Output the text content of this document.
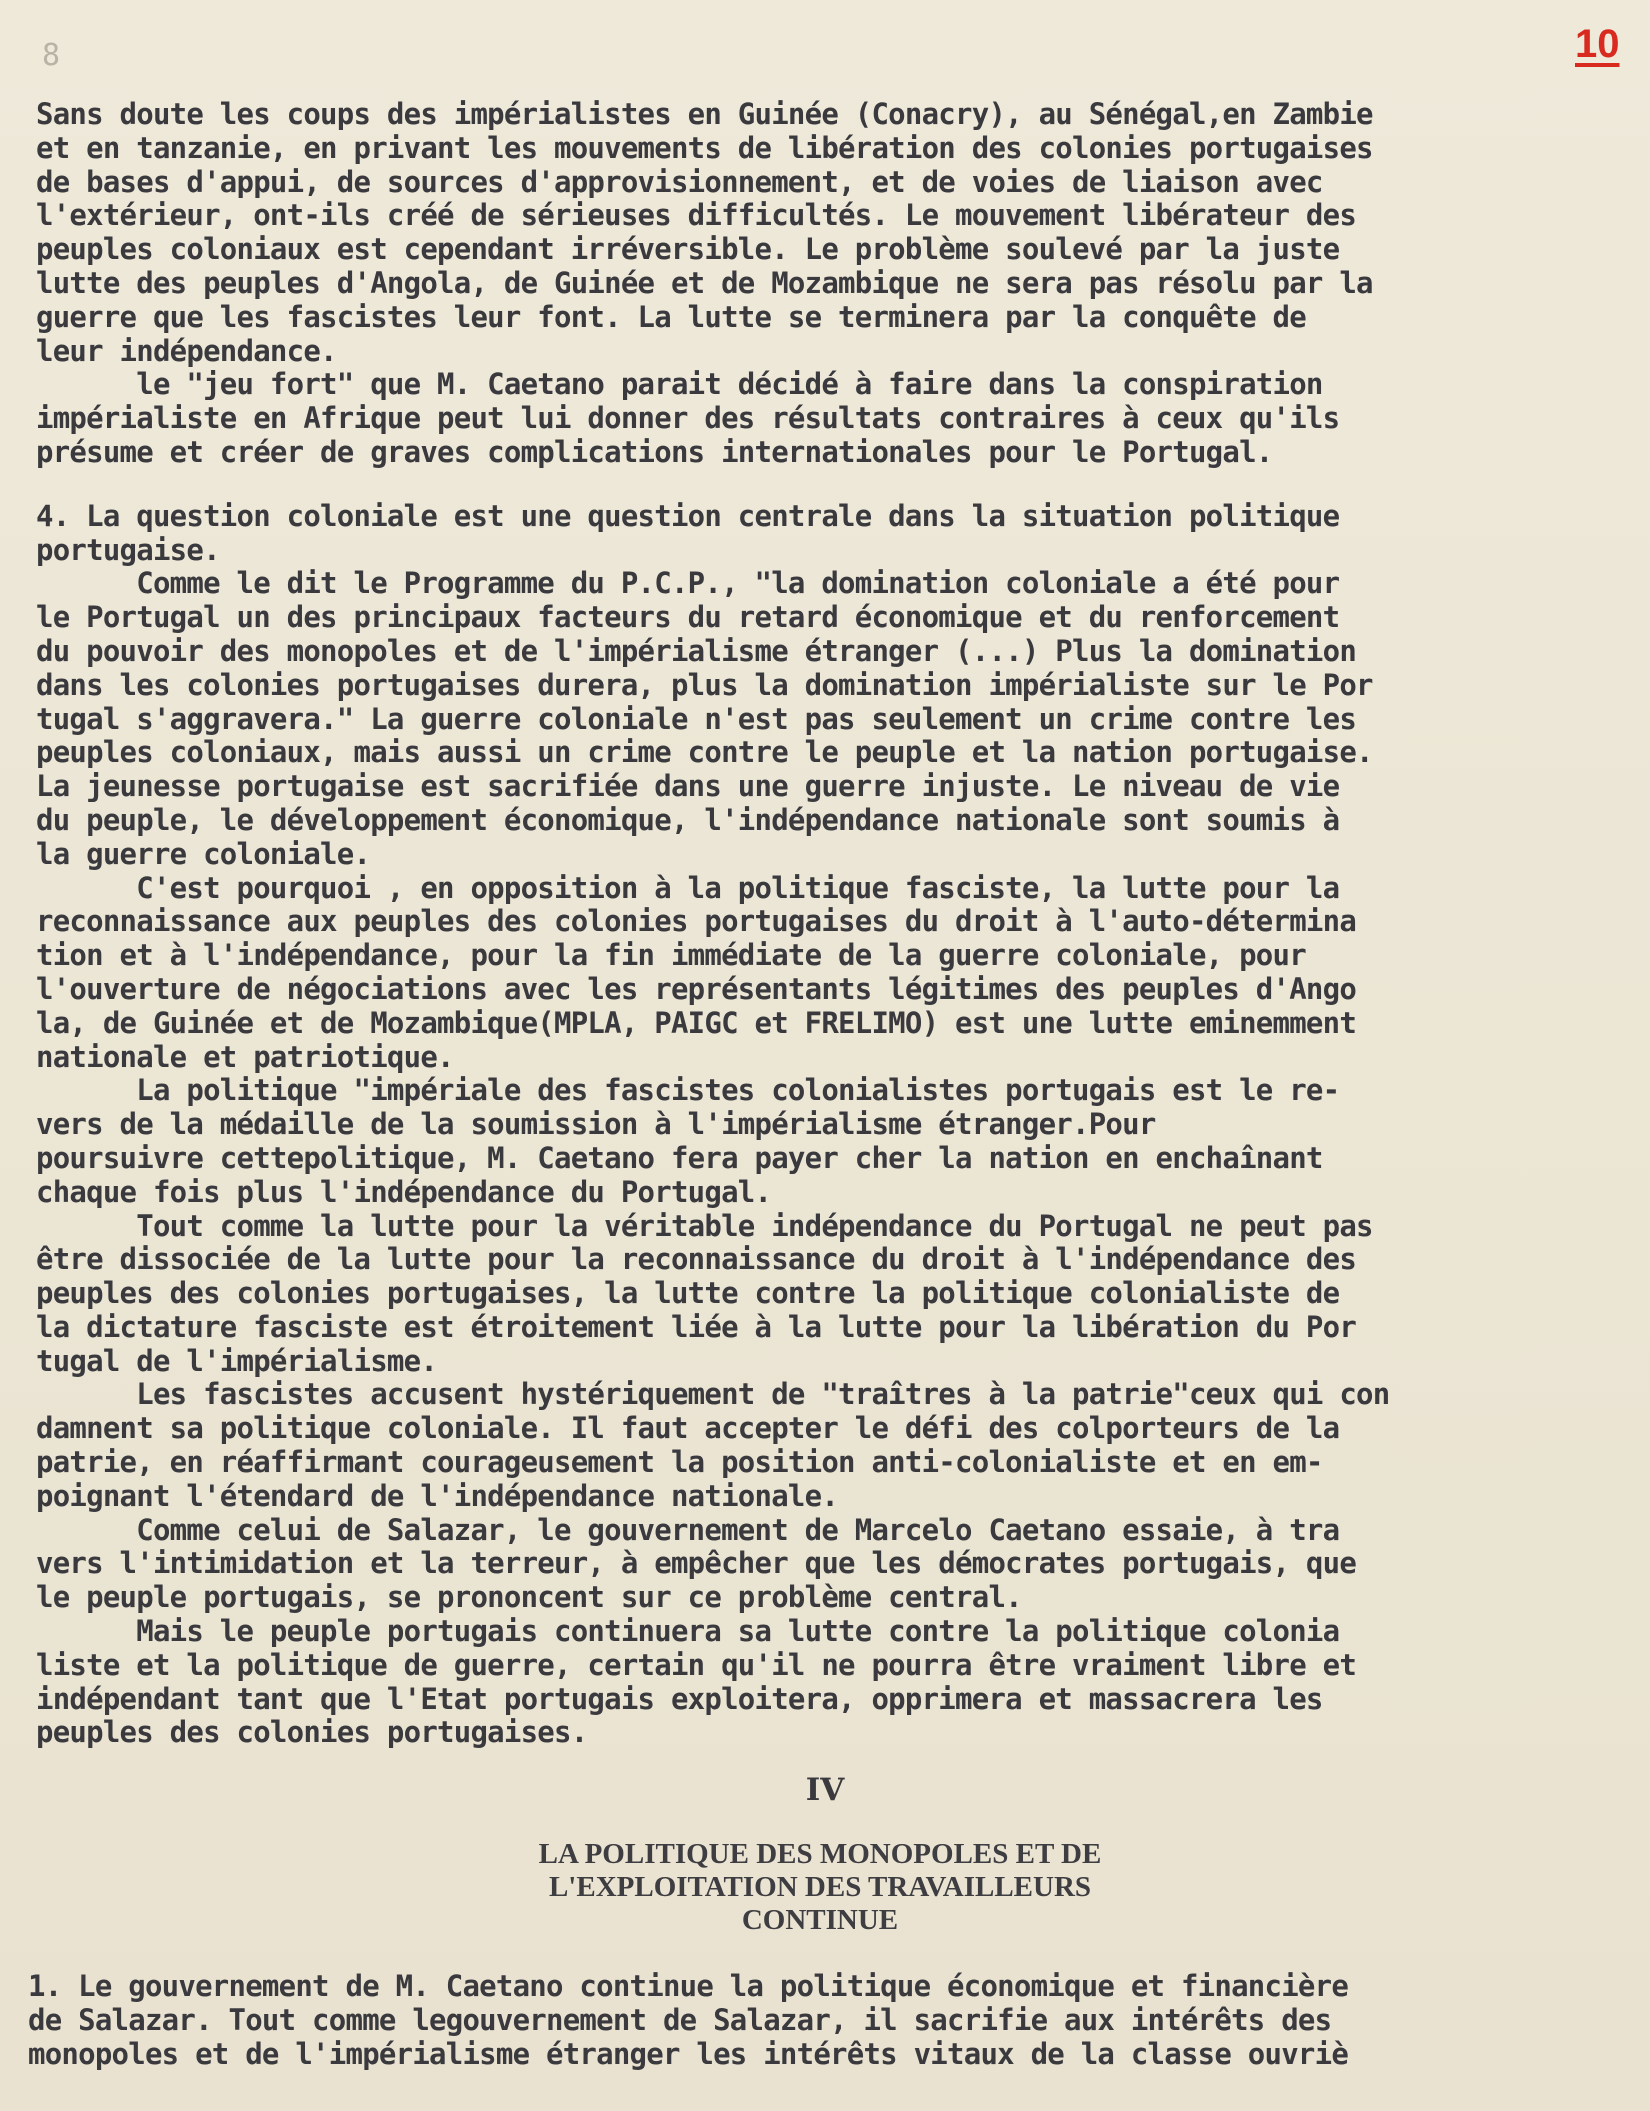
8	10
Sans doute les coups des impérialistes en Guinée (Conacry), au Sénégal,en Zambie
et en tanzanie, en privant les mouvements de libération des colonies portugaises
de bases d'appui, de sources d'approvisionnement, et de voies de liaison avec
l'extérieur, ont-ils créé de sérieuses difficultés. Le mouvement libérateur des
peuples coloniaux est cependant irréversible. Le problème soulevé par la juste
lutte des peuples d'Angola, de Guinée et de Mozambique ne sera pas résolu par la
guerre que les fascistes leur font. La lutte se terminera par la conquête de
leur indépendance.
le "jeu fort" que M. Caetano parait décidé à faire dans la conspiration
impérialiste en Afrique peut lui donner des résultats contraires à ceux qu'ils
présume et créer de graves complications internationales pour le Portugal.
4. La question coloniale est une question centrale dans la situation politique
portugaise.
Comme le dit le Programme du P.C.P., "la domination coloniale a été pour
le Portugal un des principaux facteurs du retard économique et du renforcement
du pouvoir des monopoles et de l'impérialisme étranger (...) Plus la domination
dans les colonies portugaises durera, plus la domination impérialiste sur le Por
tugal s'aggravera." La guerre coloniale n'est pas seulement un crime contre les
peuples coloniaux, mais aussi un crime contre le peuple et la nation portugaise.
La jeunesse portugaise est sacrifiée dans une guerre injuste. Le niveau de vie
du peuple, le développement économique, l'indépendance nationale sont soumis à
la guerre coloniale.
C'est pourquoi , en opposition à la politique fasciste, la lutte pour la
reconnaissance aux peuples des colonies portugaises du droit à l'auto-détermina
tion et à l'indépendance, pour la fin immédiate de la guerre coloniale, pour
l'ouverture de négociations avec les représentants légitimes des peuples d'Ango
la, de Guinée et de Mozambique(MPLA, PAIGC et FRELIMO) est une lutte eminemment
nationale et patriotique.
La politique "impériale des fascistes colonialistes portugais est le re-
vers de la médaille de la soumission à l'impérialisme étranger.Pour
poursuivre cettepolitique, M. Caetano fera payer cher la nation en enchaînant
chaque fois plus l'indépendance du Portugal.
Tout comme la lutte pour la véritable indépendance du Portugal ne peut pas
être dissociée de la lutte pour la reconnaissance du droit à l'indépendance des
peuples des colonies portugaises, la lutte contre la politique colonialiste de
la dictature fasciste est étroitement liée à la lutte pour la libération du Por
tugal de l'impérialisme.
Les fascistes accusent hystériquement de "traîtres à la patrie"ceux qui con
damnent sa politique coloniale. Il faut accepter le défi des colporteurs de la
patrie, en réaffirmant courageusement la position anti-colonialiste et en em-
poignant l'étendard de l'indépendance nationale.
Comme celui de Salazar, le gouvernement de Marcelo Caetano essaie, à tra
vers l'intimidation et la terreur, à empêcher que les démocrates portugais, que
le peuple portugais, se prononcent sur ce problème central.
Mais le peuple portugais continuera sa lutte contre la politique colonia
liste et la politique de guerre, certain qu'il ne pourra être vraiment libre et
indépendant tant que l'Etat portugais exploitera, opprimera et massacrera les
peuples des colonies portugaises.
IV
LA POLITIQUE DES MONOPOLES ET DE
L'EXPLOITATION DES TRAVAILLEURS
CONTINUE
1. Le gouvernement de M. Caetano continue la politique économique et financière
de Salazar. Tout comme legouvernement de Salazar, il sacrifie aux intérêts des
monopoles et de l'impérialisme étranger les intérêts vitaux de la classe ouvriè
